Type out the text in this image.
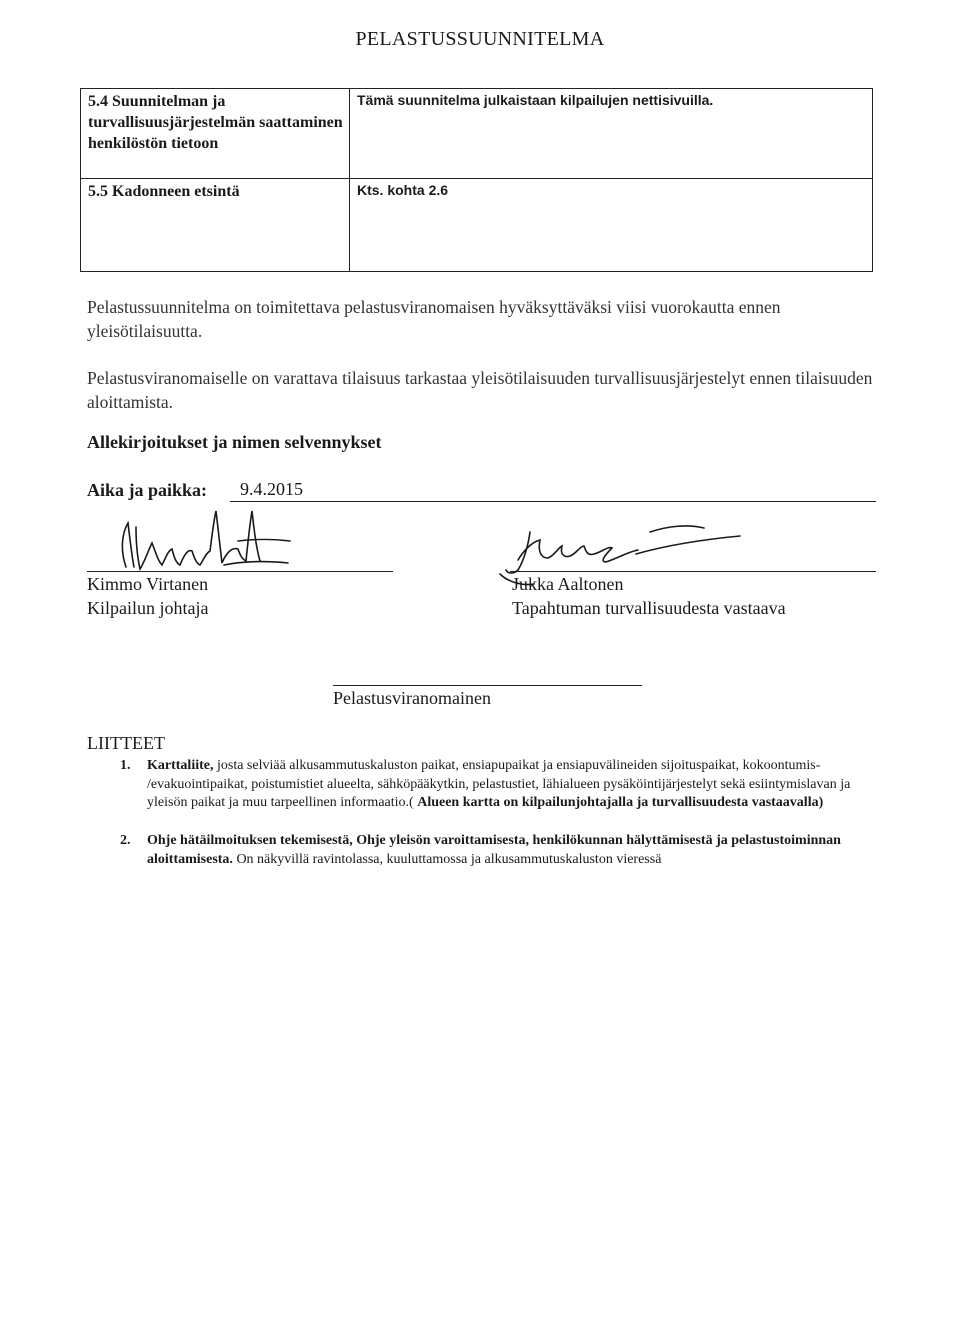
PELASTUSSUUNNITELMA
5.4 Suunnitelman ja turvallisuusjärjestelmän saattaminen henkilöstön tietoon
Tämä suunnitelma julkaistaan kilpailujen nettisivuilla.
5.5 Kadonneen etsintä	Kts. kohta 2.6
Pelastussuunnitelma on toimitettava pelastusviranomaisen hyväksyttäväksi viisi vuorokautta ennen yleisötilaisuutta.
Pelastusviranomaiselle on varattava tilaisuus tarkastaa yleisötilaisuuden turvallisuusjärjestelyt ennen tilaisuuden aloittamista.
Allekirjoitukset ja nimen selvennykset
Aika ja paikka: 9.4.2015
Kimmo Virtanen
Kilpailun johtaja
Jukka Aaltonen
Tapahtuman turvallisuudesta vastaava
Pelastusviranomainen
LIITTEET
1. Karttaliite, josta selviää alkusammutuskaluston paikat, ensiapupaikat ja ensiapuvälineiden sijoituspaikat, kokoontumis- /evakuointipaikat, poistumistiet alueelta, sähköpääkytkin, pelastustiet, lähialueen pysäköintijärjestelyt sekä esiintymislavan ja yleisön paikat ja muu tarpeellinen informaatio.( Alueen kartta on kilpailunjohtajalla ja turvallisuudesta vastaavalla)
2. Ohje hätäilmoituksen tekemisestä, Ohje yleisön varoittamisesta, henkilökunnan hälyttämisestä ja pelastustoiminnan aloittamisesta. On näkyvillä ravintolassa, kuuluttamossa ja alkusammutuskaluston vieressä
